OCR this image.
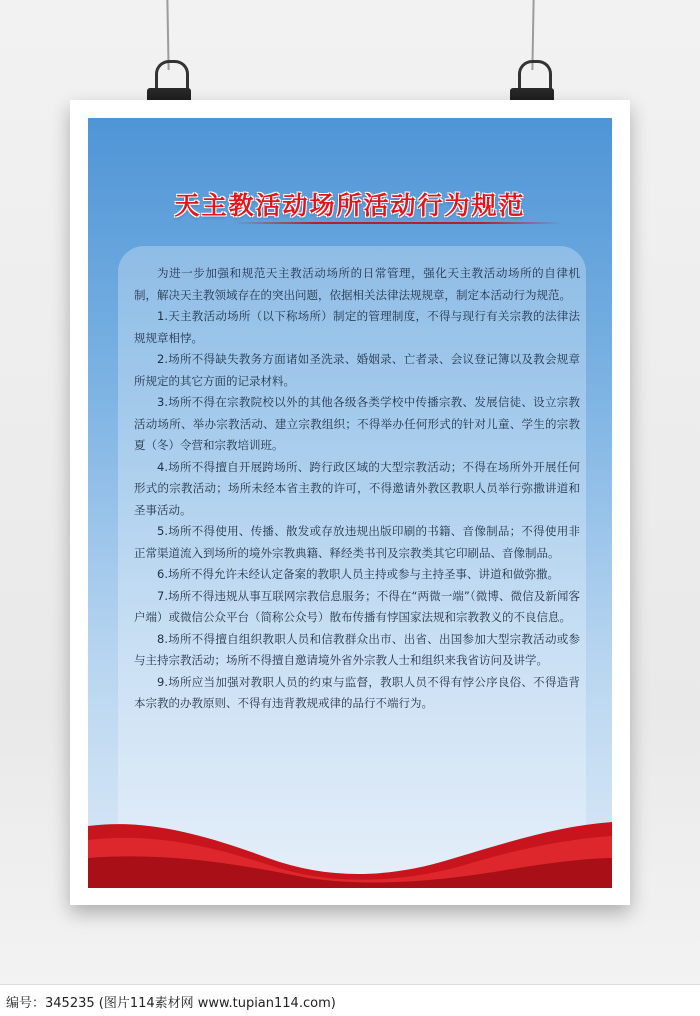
天主教活动场所活动行为规范

为进一步加强和规范天主教活动场所的日常管理，强化天主教活动场所的自律机制，解决天主教领域存在的突出问题，依据相关法律法规规章，制定本活动行为规范。

1.天主教活动场所（以下称场所）制定的管理制度，不得与现行有关宗教的法律法规规章相悖。

2.场所不得缺失教务方面诸如圣洗录、婚姻录、亡者录、会议登记簿以及教会规章所规定的其它方面的记录材料。

3.场所不得在宗教院校以外的其他各级各类学校中传播宗教、发展信徒、设立宗教活动场所、举办宗教活动、建立宗教组织；不得举办任何形式的针对儿童、学生的宗教夏（冬）令营和宗教培训班。

4.场所不得擅自开展跨场所、跨行政区域的大型宗教活动；不得在场所外开展任何形式的宗教活动；场所未经本省主教的许可，不得邀请外教区教职人员举行弥撒讲道和圣事活动。

5.场所不得使用、传播、散发或存放违规出版印刷的书籍、音像制品；不得使用非正常渠道流入到场所的境外宗教典籍、释经类书刊及宗教类其它印刷品、音像制品。

6.场所不得允许未经认定备案的教职人员主持或参与主持圣事、讲道和做弥撒。

7.场所不得违规从事互联网宗教信息服务；不得在“两微一端”（微博、微信及新闻客户端）或微信公众平台（简称公众号）散布传播有悖国家法规和宗教教义的不良信息。

8.场所不得擅自组织教职人员和信教群众出市、出省、出国参加大型宗教活动或参与主持宗教活动；场所不得擅自邀请境外省外宗教人士和组织来我省访问及讲学。

9.场所应当加强对教职人员的约束与监督，教职人员不得有悖公序良俗、不得造背本宗教的办教原则、不得有违背教规戒律的品行不端行为。

编号：345235 (图片114素材网 www.tupian114.com)
